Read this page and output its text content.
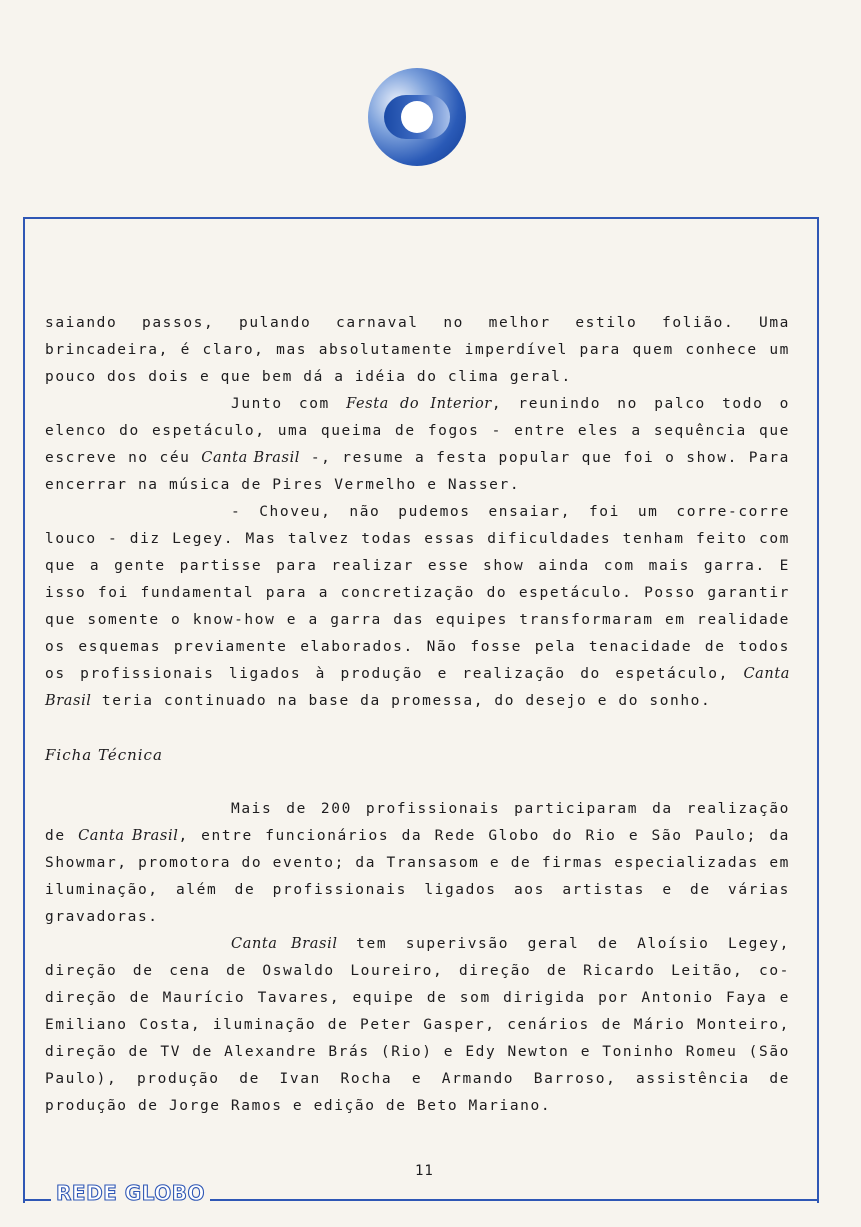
REDE GLOBO

saiando passos, pulando carnaval no melhor estilo folião. Uma brincadeira, é claro, mas absolutamente imperdível para quem conhece um pouco dos dois e que bem dá a idéia do clima geral.

Junto com Festa do Interior, reunindo no palco todo o elenco do espetáculo, uma queima de fogos - entre eles a sequência que escreve no céu Canta Brasil -, resume a festa popular que foi o show. Para encerrar na música de Pires Vermelho e Nasser.

- Choveu, não pudemos ensaiar, foi um corre-corre louco - diz Legey. Mas talvez todas essas dificuldades tenham feito com que a gente partisse para realizar esse show ainda com mais garra. E isso foi fundamental para a concretização do espetáculo. Posso garantir que somente o know-how e a garra das equipes transformaram em realidade os esquemas previamente elaborados. Não fosse pela tenacidade de todos os profissionais ligados à produção e realização do espetáculo, Canta Brasil teria continuado na base da promessa, do desejo e do sonho.

Ficha Técnica

Mais de 200 profissionais participaram da realização de Canta Brasil, entre funcionários da Rede Globo do Rio e São Paulo; da Showmar, promotora do evento; da Transasom e de firmas especializadas em iluminação, além de profissionais ligados aos artistas e de várias gravadoras.

Canta Brasil tem superivsão geral de Aloísio Legey, direção de cena de Oswaldo Loureiro, direção de Ricardo Leitão, co-direção de Maurício Tavares, equipe de som dirigida por Antonio Faya e Emiliano Costa, iluminação de Peter Gasper, cenários de Mário Monteiro, direção de TV de Alexandre Brás (Rio) e Edy Newton e Toninho Romeu (São Paulo), produção de Ivan Rocha e Armando Barroso, assistência de produção de Jorge Ramos e edição de Beto Mariano.

11
